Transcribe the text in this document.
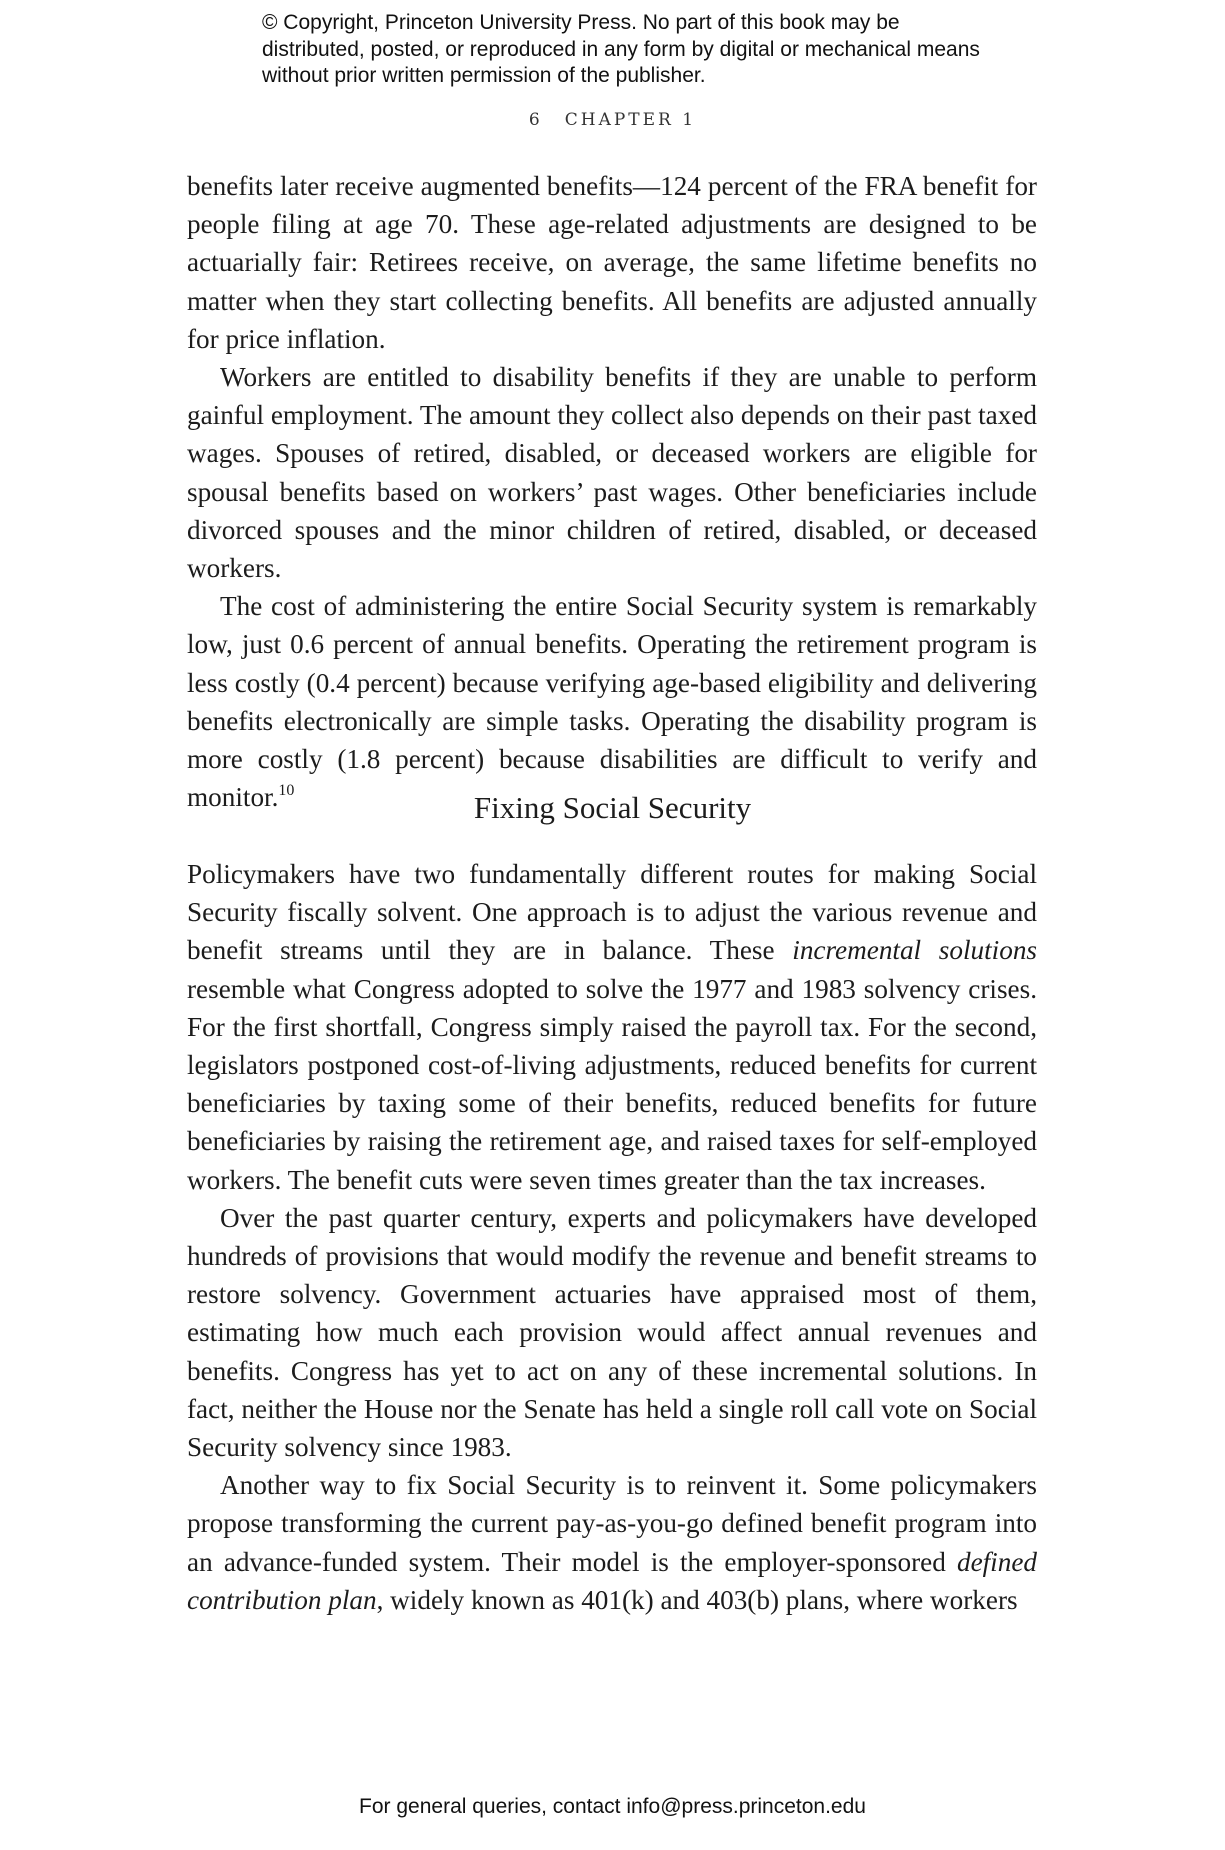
© Copyright, Princeton University Press. No part of this book may be distributed, posted, or reproduced in any form by digital or mechanical means without prior written permission of the publisher.
6 CHAPTER 1

benefits later receive augmented benefits—124 percent of the FRA benefit for people filing at age 70. These age-related adjustments are designed to be actuarially fair: Retirees receive, on average, the same lifetime benefits no matter when they start collecting benefits. All benefits are adjusted annually for price inflation.

Workers are entitled to disability benefits if they are unable to perform gainful employment. The amount they collect also depends on their past taxed wages. Spouses of retired, disabled, or deceased workers are eligible for spousal benefits based on workers’ past wages. Other beneficiaries include divorced spouses and the minor children of retired, disabled, or deceased workers.

The cost of administering the entire Social Security system is remarkably low, just 0.6 percent of annual benefits. Operating the retirement program is less costly (0.4 percent) because verifying age-based eligibility and delivering benefits electronically are simple tasks. Operating the disability program is more costly (1.8 percent) because disabilities are difficult to verify and monitor.$^{10}$	Fixing Social Security

Policymakers have two fundamentally different routes for making Social Security fiscally solvent. One approach is to adjust the various revenue and benefit streams until they are in balance. These incremental solutions resemble what Congress adopted to solve the 1977 and 1983 solvency crises. For the first shortfall, Congress simply raised the payroll tax. For the second, legislators postponed cost-of-living adjustments, reduced benefits for current beneficiaries by taxing some of their benefits, reduced benefits for future beneficiaries by raising the retirement age, and raised taxes for self-employed workers. The benefit cuts were seven times greater than the tax increases.

Over the past quarter century, experts and policymakers have developed hundreds of provisions that would modify the revenue and benefit streams to restore solvency. Government actuaries have appraised most of them, estimating how much each provision would affect annual revenues and benefits. Congress has yet to act on any of these incremental solutions. In fact, neither the House nor the Senate has held a single roll call vote on Social Security solvency since 1983.

Another way to fix Social Security is to reinvent it. Some policymakers propose transforming the current pay-as-you-go defined benefit program into an advance-funded system. Their model is the employer-sponsored defined contribution plan, widely known as 401(k) and 403(b) plans, where workers

For general queries, contact info@press.princeton.edu
